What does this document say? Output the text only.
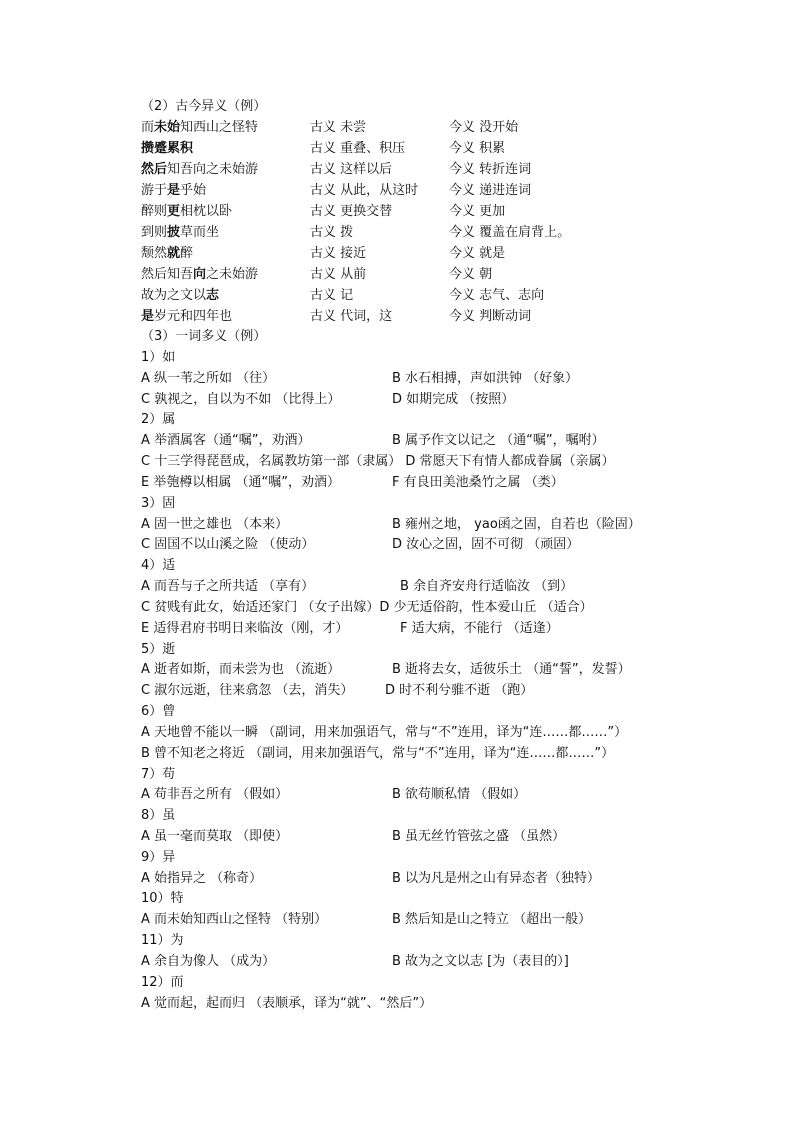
（2）古今异义（例）
而未始知西山之怪特	古义 未尝	今义 没开始
攒蹙累积	古义 重叠、积压	今义 积累
然后知吾向之未始游	古义 这样以后	今义 转折连词
游于是乎始	古义 从此，从这时 今义 递进连词
醉则更相枕以卧	古义 更换交替	今义 更加
到则披草而坐	古义 拨	今义 覆盖在肩背上。
颓然就醉	古义 接近	今义 就是
然后知吾向之未始游	古义 从前	今义 朝
故为之文以志	古义 记	今义 志气、志向
是岁元和四年也	古义 代词，这	今义 判断动词
（3）一词多义（例）
1）如
A 纵一苇之所如 （往）	B 水石相搏，声如洪钟 （好象）
C 孰视之，自以为不如 （比得上）	D 如期完成 （按照）
2）属
A 举酒属客（通“嘱”，劝酒）	B 属予作文以记之 （通“嘱”，嘱咐）
C 十三学得琵琶成，名属教坊第一部（隶属） D 常愿天下有情人都成眷属（亲属）
E 举匏樽以相属 （通“嘱”，劝酒）	F 有良田美池桑竹之属 （类）
3）固
A 固一世之雄也 （本来）	B 雍州之地， yao函之固，自若也（险固）
C 固国不以山溪之险 （使动）	D 汝心之固，固不可彻 （顽固）
4）适
A 而吾与子之所共适 （享有）	B 余自齐安舟行适临汝 （到）
C 贫贱有此女，始适还家门 （女子出嫁）D 少无适俗韵，性本爱山丘 （适合）
E 适得君府书明日来临汝（刚，才）	F 适大病，不能行 （适逢）
5）逝
A 逝者如斯，而未尝为也 （流逝）	B 逝将去女，适彼乐土 （通“誓”，发誓）
C 淑尔远逝，往来翕忽 （去，消失） D 时不利兮骓不逝 （跑）
6）曾
A 天地曾不能以一瞬 （副词，用来加强语气，常与“不”连用，译为“连……都……”）
B 曾不知老之将近 （副词，用来加强语气，常与“不”连用，译为“连……都……”）
7）苟
A 苟非吾之所有 （假如）	B 欲苟顺私情 （假如）
8）虽
A 虽一毫而莫取 （即使）	B 虽无丝竹管弦之盛 （虽然）
9）异
A 始指异之 （称奇）	B 以为凡是州之山有异态者（独特）
10）特
A 而未始知西山之怪特 （特别）	B 然后知是山之特立 （超出一般）
11）为
A 余自为像人 （成为）	B 故为之文以志 [为（表目的）]
12）而
A 觉而起，起而归 （表顺承，译为“就”、“然后”）
